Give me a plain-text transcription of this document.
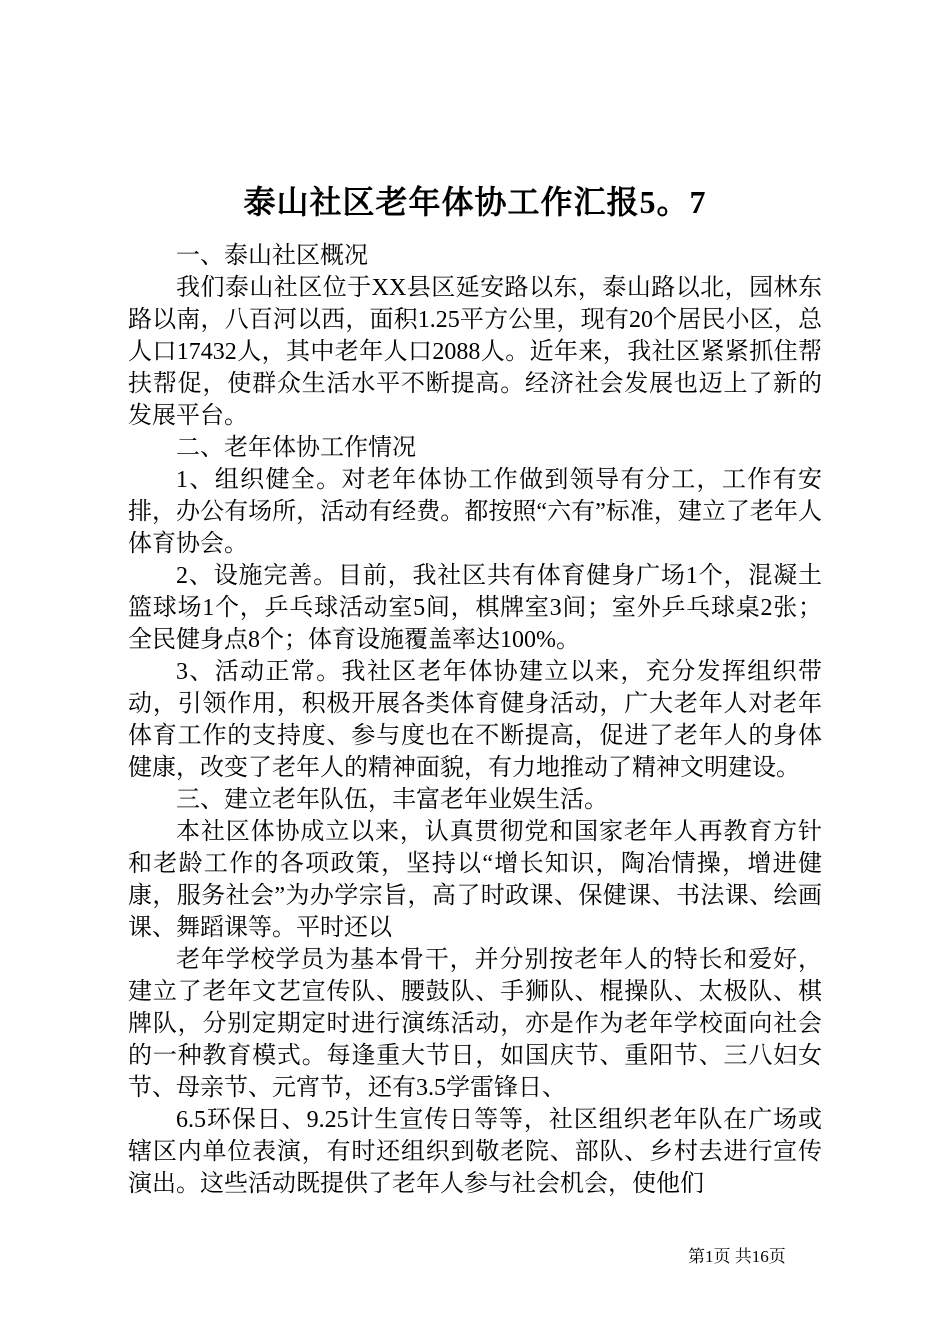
泰山社区老年体协工作汇报5。7

一、泰山社区概况

我们泰山社区位于XX县区延安路以东，泰山路以北，园林东路以南，八百河以西，面积1.25平方公里，现有20个居民小区，总人口17432人，其中老年人口2088人。近年来，我社区紧紧抓住帮扶帮促，使群众生活水平不断提高。经济社会发展也迈上了新的发展平台。

二、老年体协工作情况

1、组织健全。对老年体协工作做到领导有分工，工作有安排，办公有场所，活动有经费。都按照“六有”标准，建立了老年人体育协会。

2、设施完善。目前，我社区共有体育健身广场1个，混凝土篮球场1个，乒乓球活动室5间，棋牌室3间；室外乒乓球桌2张；全民健身点8个；体育设施覆盖率达100%。

3、活动正常。我社区老年体协建立以来，充分发挥组织带动，引领作用，积极开展各类体育健身活动，广大老年人对老年体育工作的支持度、参与度也在不断提高，促进了老年人的身体健康，改变了老年人的精神面貌，有力地推动了精神文明建设。

三、建立老年队伍，丰富老年业娱生活。

本社区体协成立以来，认真贯彻党和国家老年人再教育方针和老龄工作的各项政策，坚持以“增长知识，陶冶情操，增进健康，服务社会”为办学宗旨，高了时政课、保健课、书法课、绘画课、舞蹈课等。平时还以

老年学校学员为基本骨干，并分别按老年人的特长和爱好，建立了老年文艺宣传队、腰鼓队、手狮队、棍操队、太极队、棋牌队，分别定期定时进行演练活动，亦是作为老年学校面向社会的一种教育模式。每逢重大节日，如国庆节、重阳节、三八妇女节、母亲节、元宵节，还有3.5学雷锋日、

6.5环保日、9.25计生宣传日等等，社区组织老年队在广场或辖区内单位表演，有时还组织到敬老院、部队、乡村去进行宣传演出。这些活动既提供了老年人参与社会机会，使他们

第1页 共16页
